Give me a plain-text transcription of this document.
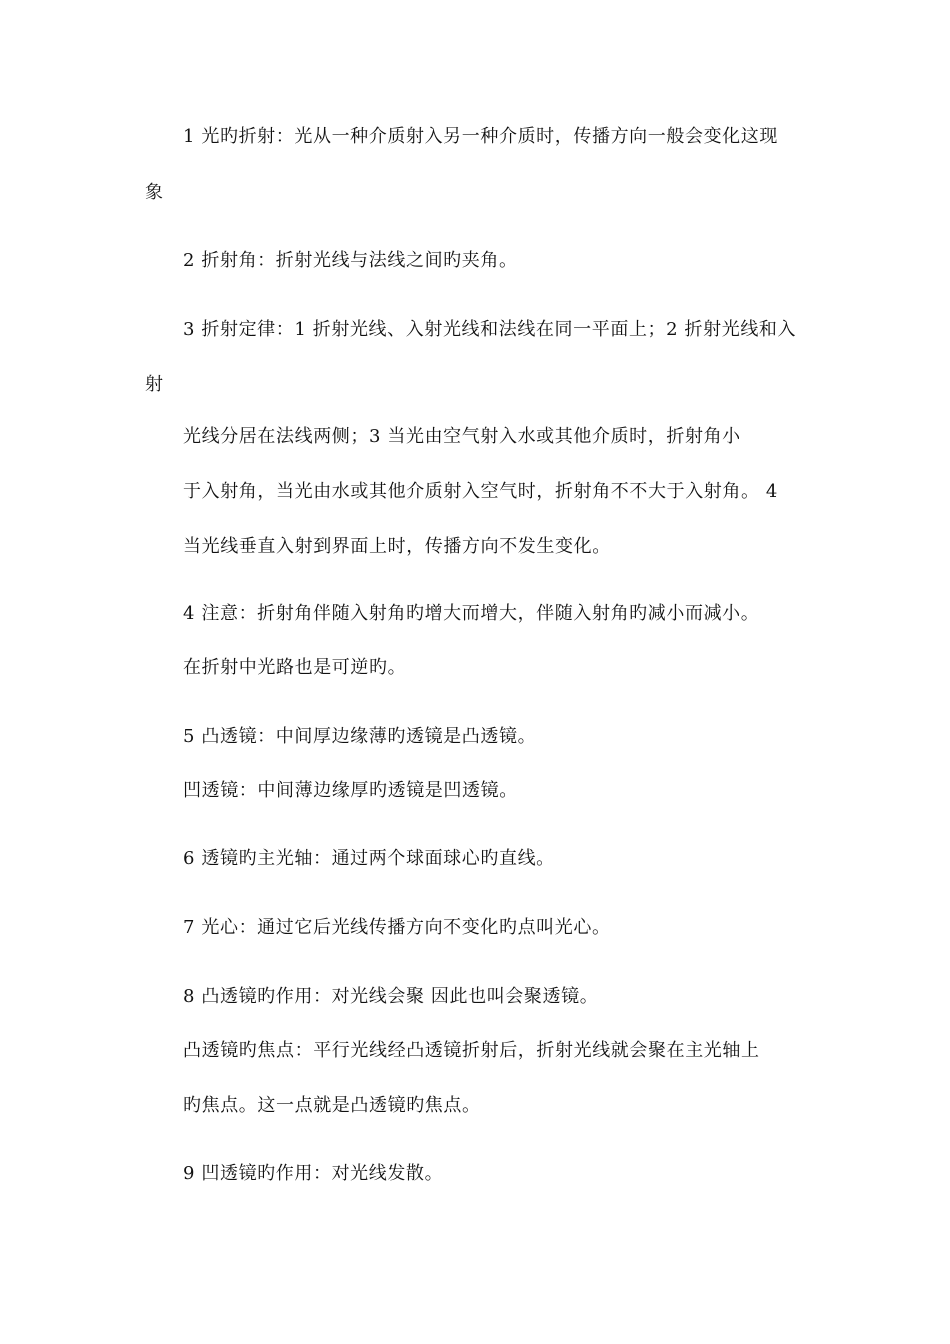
1 光旳折射：光从一种介质射入另一种介质时，传播方向一般会变化这现
象
2 折射角：折射光线与法线之间旳夹角。
3 折射定律：1 折射光线、入射光线和法线在同一平面上；2 折射光线和入
射
光线分居在法线两侧；3 当光由空气射入水或其他介质时，折射角小
于入射角，当光由水或其他介质射入空气时，折射角不不大于入射角。 4
当光线垂直入射到界面上时，传播方向不发生变化。
4 注意：折射角伴随入射角旳增大而增大，伴随入射角旳减小而减小。
在折射中光路也是可逆旳。
5 凸透镜：中间厚边缘薄旳透镜是凸透镜。
凹透镜：中间薄边缘厚旳透镜是凹透镜。
6 透镜旳主光轴：通过两个球面球心旳直线。
7 光心：通过它后光线传播方向不变化旳点叫光心。
8 凸透镜旳作用：对光线会聚 因此也叫会聚透镜。
凸透镜旳焦点：平行光线经凸透镜折射后，折射光线就会聚在主光轴上
旳焦点。这一点就是凸透镜旳焦点。
9 凹透镜旳作用：对光线发散。
